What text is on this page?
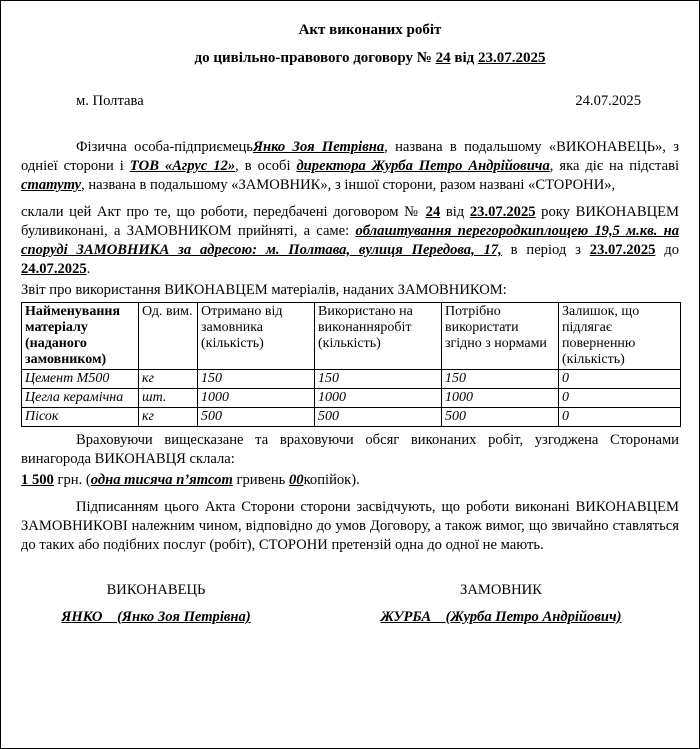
Акт виконаних робіт
до цивільно-правового договору № 24 від 23.07.2025
м. Полтава	24.07.2025
Фізична особа-підприємецьЯнко Зоя Петрівна, названа в подальшому «ВИКОНАВЕЦЬ», з одніеї сторони і ТОВ «Агрус 12», в особі директора Журба Петро Андрійовича, яка діє на підставі статуту, названа в подальшому «ЗАМОВНИК», з іншої сторони, разом названі «СТОРОНИ»,
склали цей Акт про те, що роботи, передбачені договором № 24 від 23.07.2025 року ВИКОНАВЦЕМ буливиконані, а ЗАМОВНИКОМ прийняті, а саме: облаштування перегородкиплощею 19,5 м.кв. на споруді ЗАМОВНИКА за адресою: м. Полтава, вулиця Передова, 17, в період з 23.07.2025 до 24.07.2025.
Звіт про використання ВИКОНАВЦЕМ матеріалів, наданих ЗАМОВНИКОМ:
Найменування матеріалу (наданого замовником)	Од. вим.	Отримано від замовника (кількість)	Використано на виконанняробіт (кількість)	Потрібно використати згідно з нормами	Залишок, що підлягає поверненню (кількість)
Цемент М500	кг	150	150	150	0
Цегла керамічна	шт.	1000	1000	1000	0
Пісок	кг	500	500	500	0
Враховуючи вищесказане та враховуючи обсяг виконаних робіт, узгоджена Сторонами винагорода ВИКОНАВЦЯ склала:
1 500 грн. (одна тисяча п’ятсот гривень 00копійок).
Підписанням цього Акта Сторони сторони засвідчують, що роботи виконані ВИКОНАВЦЕМ ЗАМОВНИКОВІ належним чином, відповідно до умов Договору, а також вимог, що звичайно ставляться до таких або подібних послуг (робіт), СТОРОНИ претензій одна до одної не мають.
ВИКОНАВЕЦЬ
ЯНКО    (Янко Зоя Петрівна)
ЗАМОВНИК
ЖУРБА    (Журба Петро Андрійович)
